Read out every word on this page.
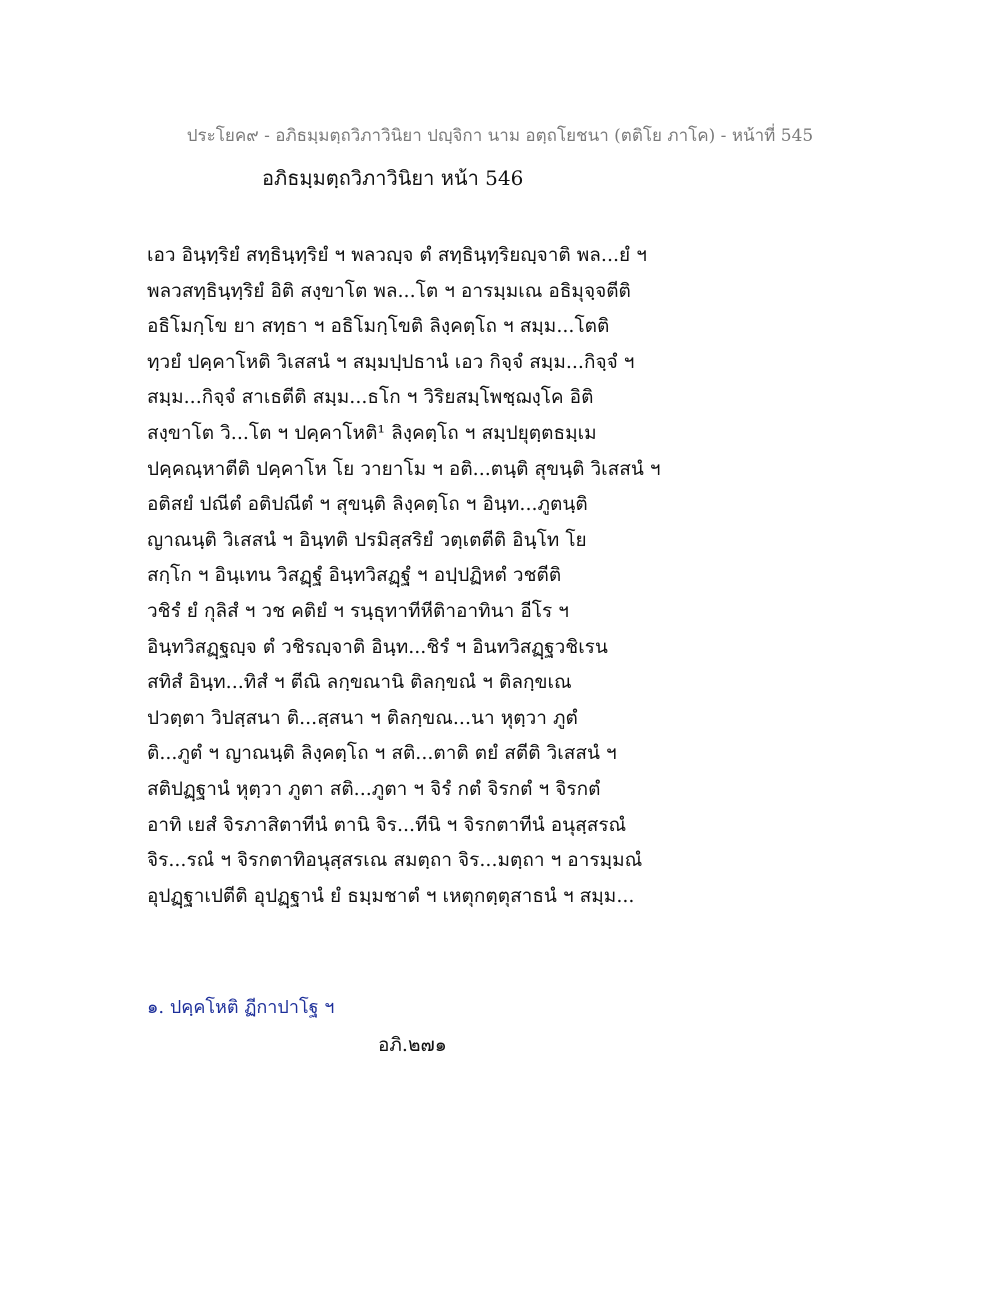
ประโยค๙ - อภิธมฺมตฺถวิภาวินิยา ปญฺจิกา นาม อตฺถโยชนา (ตติโย ภาโค) - หน้าที่ 545
อภิธมฺมตฺถวิภาวินิยา หน้า 546
เอว อินฺทฺริยํ สทฺธินฺทฺริยํ ฯ พลวญฺจ ตํ สทฺธินฺทฺริยญฺจาติ พล...ยํ ฯ
พลวสทฺธินฺทฺริยํ อิติ สงฺขาโต พล...โต ฯ อารมฺมเณ อธิมุจฺจตีติ
อธิโมกฺโข ยา สทฺธา ฯ อธิโมกฺโขติ ลิงฺคตฺโถ ฯ สมฺม...โตติ
ทฺวยํ ปคฺคาโหติ วิเสสนํ ฯ สมฺมปฺปธานํ เอว กิจฺจํ สมฺม...กิจฺจํ ฯ
สมฺม...กิจฺจํ สาเธตีติ สมฺม...ธโก ฯ วิริยสมฺโพชฺฌงฺโค อิติ
สงฺขาโต วิ...โต ฯ ปคฺคาโหติ¹ ลิงฺคตฺโถ ฯ สมฺปยุตฺตธมฺเม
ปคฺคณฺหาตีติ ปคฺคาโห โย วายาโม ฯ อติ...ตนฺติ สุขนฺติ วิเสสนํ ฯ
อติสยํ ปณีตํ อติปณีตํ ฯ สุขนฺติ ลิงฺคตฺโถ ฯ อินฺท...ภูตนฺติ
ญาณนฺติ วิเสสนํ ฯ อินฺทติ ปรมิสฺสริยํ วตฺเตตีติ อินฺโท โย
สกฺโก ฯ อินฺเทน วิสฏฺฐํ อินฺทวิสฏฺฐํ ฯ อปฺปฏิหตํ วชตีติ
วชิรํ ยํ กุลิสํ ฯ วช คติยํ ฯ รนฺธุทาทีหีติาอาทินา อีโร ฯ
อินฺทวิสฏฺฐญฺจ ตํ วชิรญฺจาติ อินฺท...ชิรํ ฯ อินทวิสฏฺฐวชิเรน
สทิสํ อินฺท...ทิสํ ฯ ตีณิ ลกฺขณานิ ติลกฺขณํ ฯ ติลกฺขเณ
ปวตฺตา วิปสฺสนา ติ...สฺสนา ฯ ติลกฺขณ...นา หุตฺวา ภูตํ
ติ...ภูตํ ฯ ญาณนฺติ ลิงฺคตฺโถ ฯ สติ...ตาติ ตยํ สตีติ วิเสสนํ ฯ
สติปฏฺฐานํ หุตฺวา ภูตา สติ...ภูตา ฯ จิรํ กตํ จิรกตํ ฯ จิรกตํ
อาทิ เยสํ จิรภาสิตาทีนํ ตานิ จิร...ทีนิ ฯ จิรกตาทีนํ อนุสฺสรณํ
จิร...รณํ ฯ จิรกตาทิอนุสฺสรเณ สมตฺถา จิร...มตฺถา ฯ อารมฺมณํ
อุปฏฺฐาเปตีติ อุปฏฺฐานํ ยํ ธมฺมชาตํ ฯ เหตุกตฺตุสาธนํ ฯ สมฺม...
๑. ปคฺคโหติ ฏีกาปาโฐ ฯ
อภิ.๒๗๑
